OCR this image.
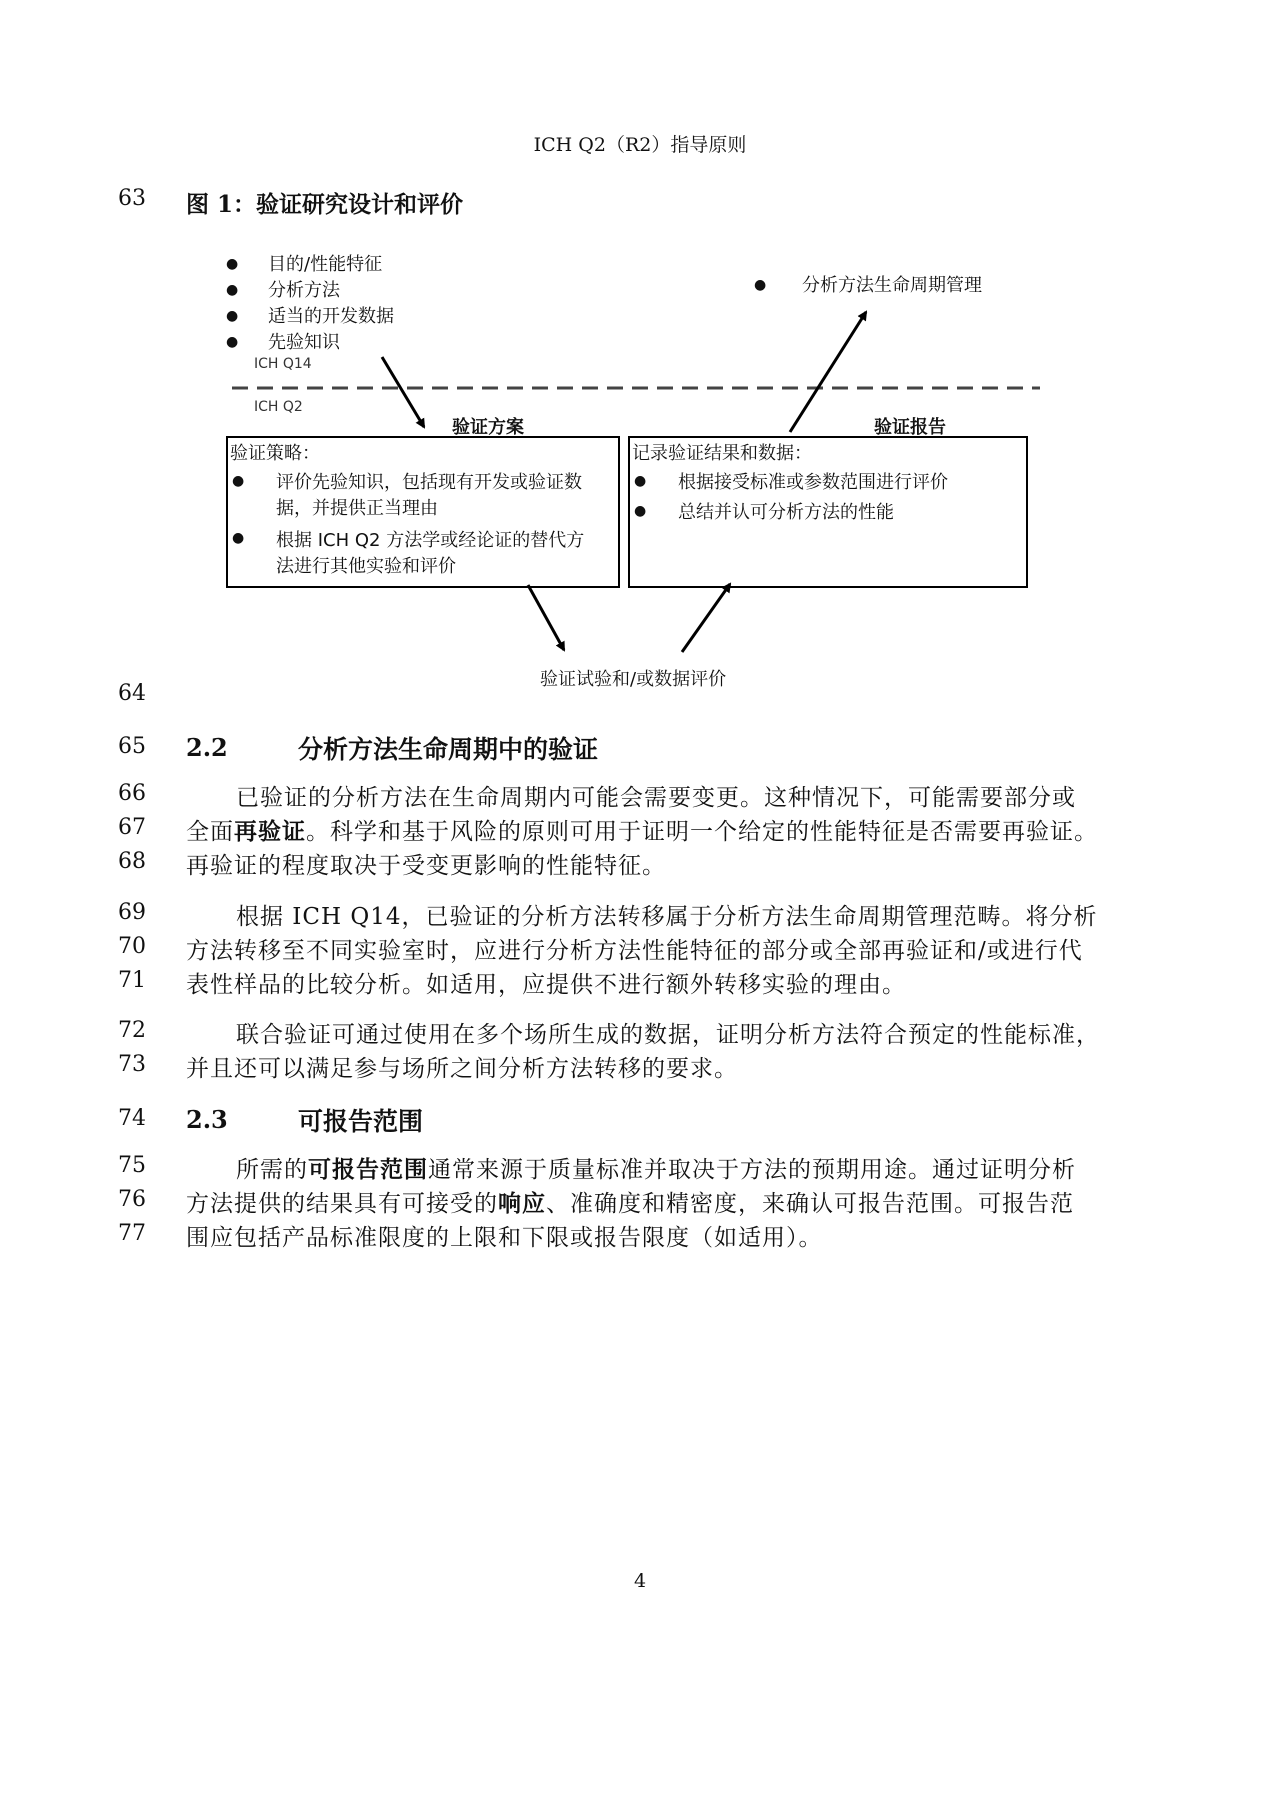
ICH Q2（R2）指导原则
63 图 1：验证研究设计和评价
● 目的/性能特征
● 分析方法
● 适当的开发数据
● 先验知识
● 分析方法生命周期管理
ICH Q14
ICH Q2
验证方案	验证报告
验证策略：
● 评价先验知识，包括现有开发或验证数
据，并提供正当理由
● 根据 ICH Q2 方法学或经论证的替代方
法进行其他实验和评价
记录验证结果和数据：
● 根据接受标准或参数范围进行评价
● 总结并认可分析方法的性能
验证试验和/或数据评价
64
65 2.2	分析方法生命周期中的验证
66	已验证的分析方法在生命周期内可能会需要变更。这种情况下，可能需要部分或
67 全面再验证。科学和基于风险的原则可用于证明一个给定的性能特征是否需要再验证。
68 再验证的程度取决于受变更影响的性能特征。
69	根据 ICH Q14，已验证的分析方法转移属于分析方法生命周期管理范畴。将分析
70 方法转移至不同实验室时，应进行分析方法性能特征的部分或全部再验证和/或进行代
71 表性样品的比较分析。如适用，应提供不进行额外转移实验的理由。
72	联合验证可通过使用在多个场所生成的数据，证明分析方法符合预定的性能标准，
73 并且还可以满足参与场所之间分析方法转移的要求。
74 2.3	可报告范围
75	所需的可报告范围通常来源于质量标准并取决于方法的预期用途。通过证明分析
76 方法提供的结果具有可接受的响应、准确度和精密度，来确认可报告范围。可报告范
77 围应包括产品标准限度的上限和下限或报告限度（如适用）。
4
